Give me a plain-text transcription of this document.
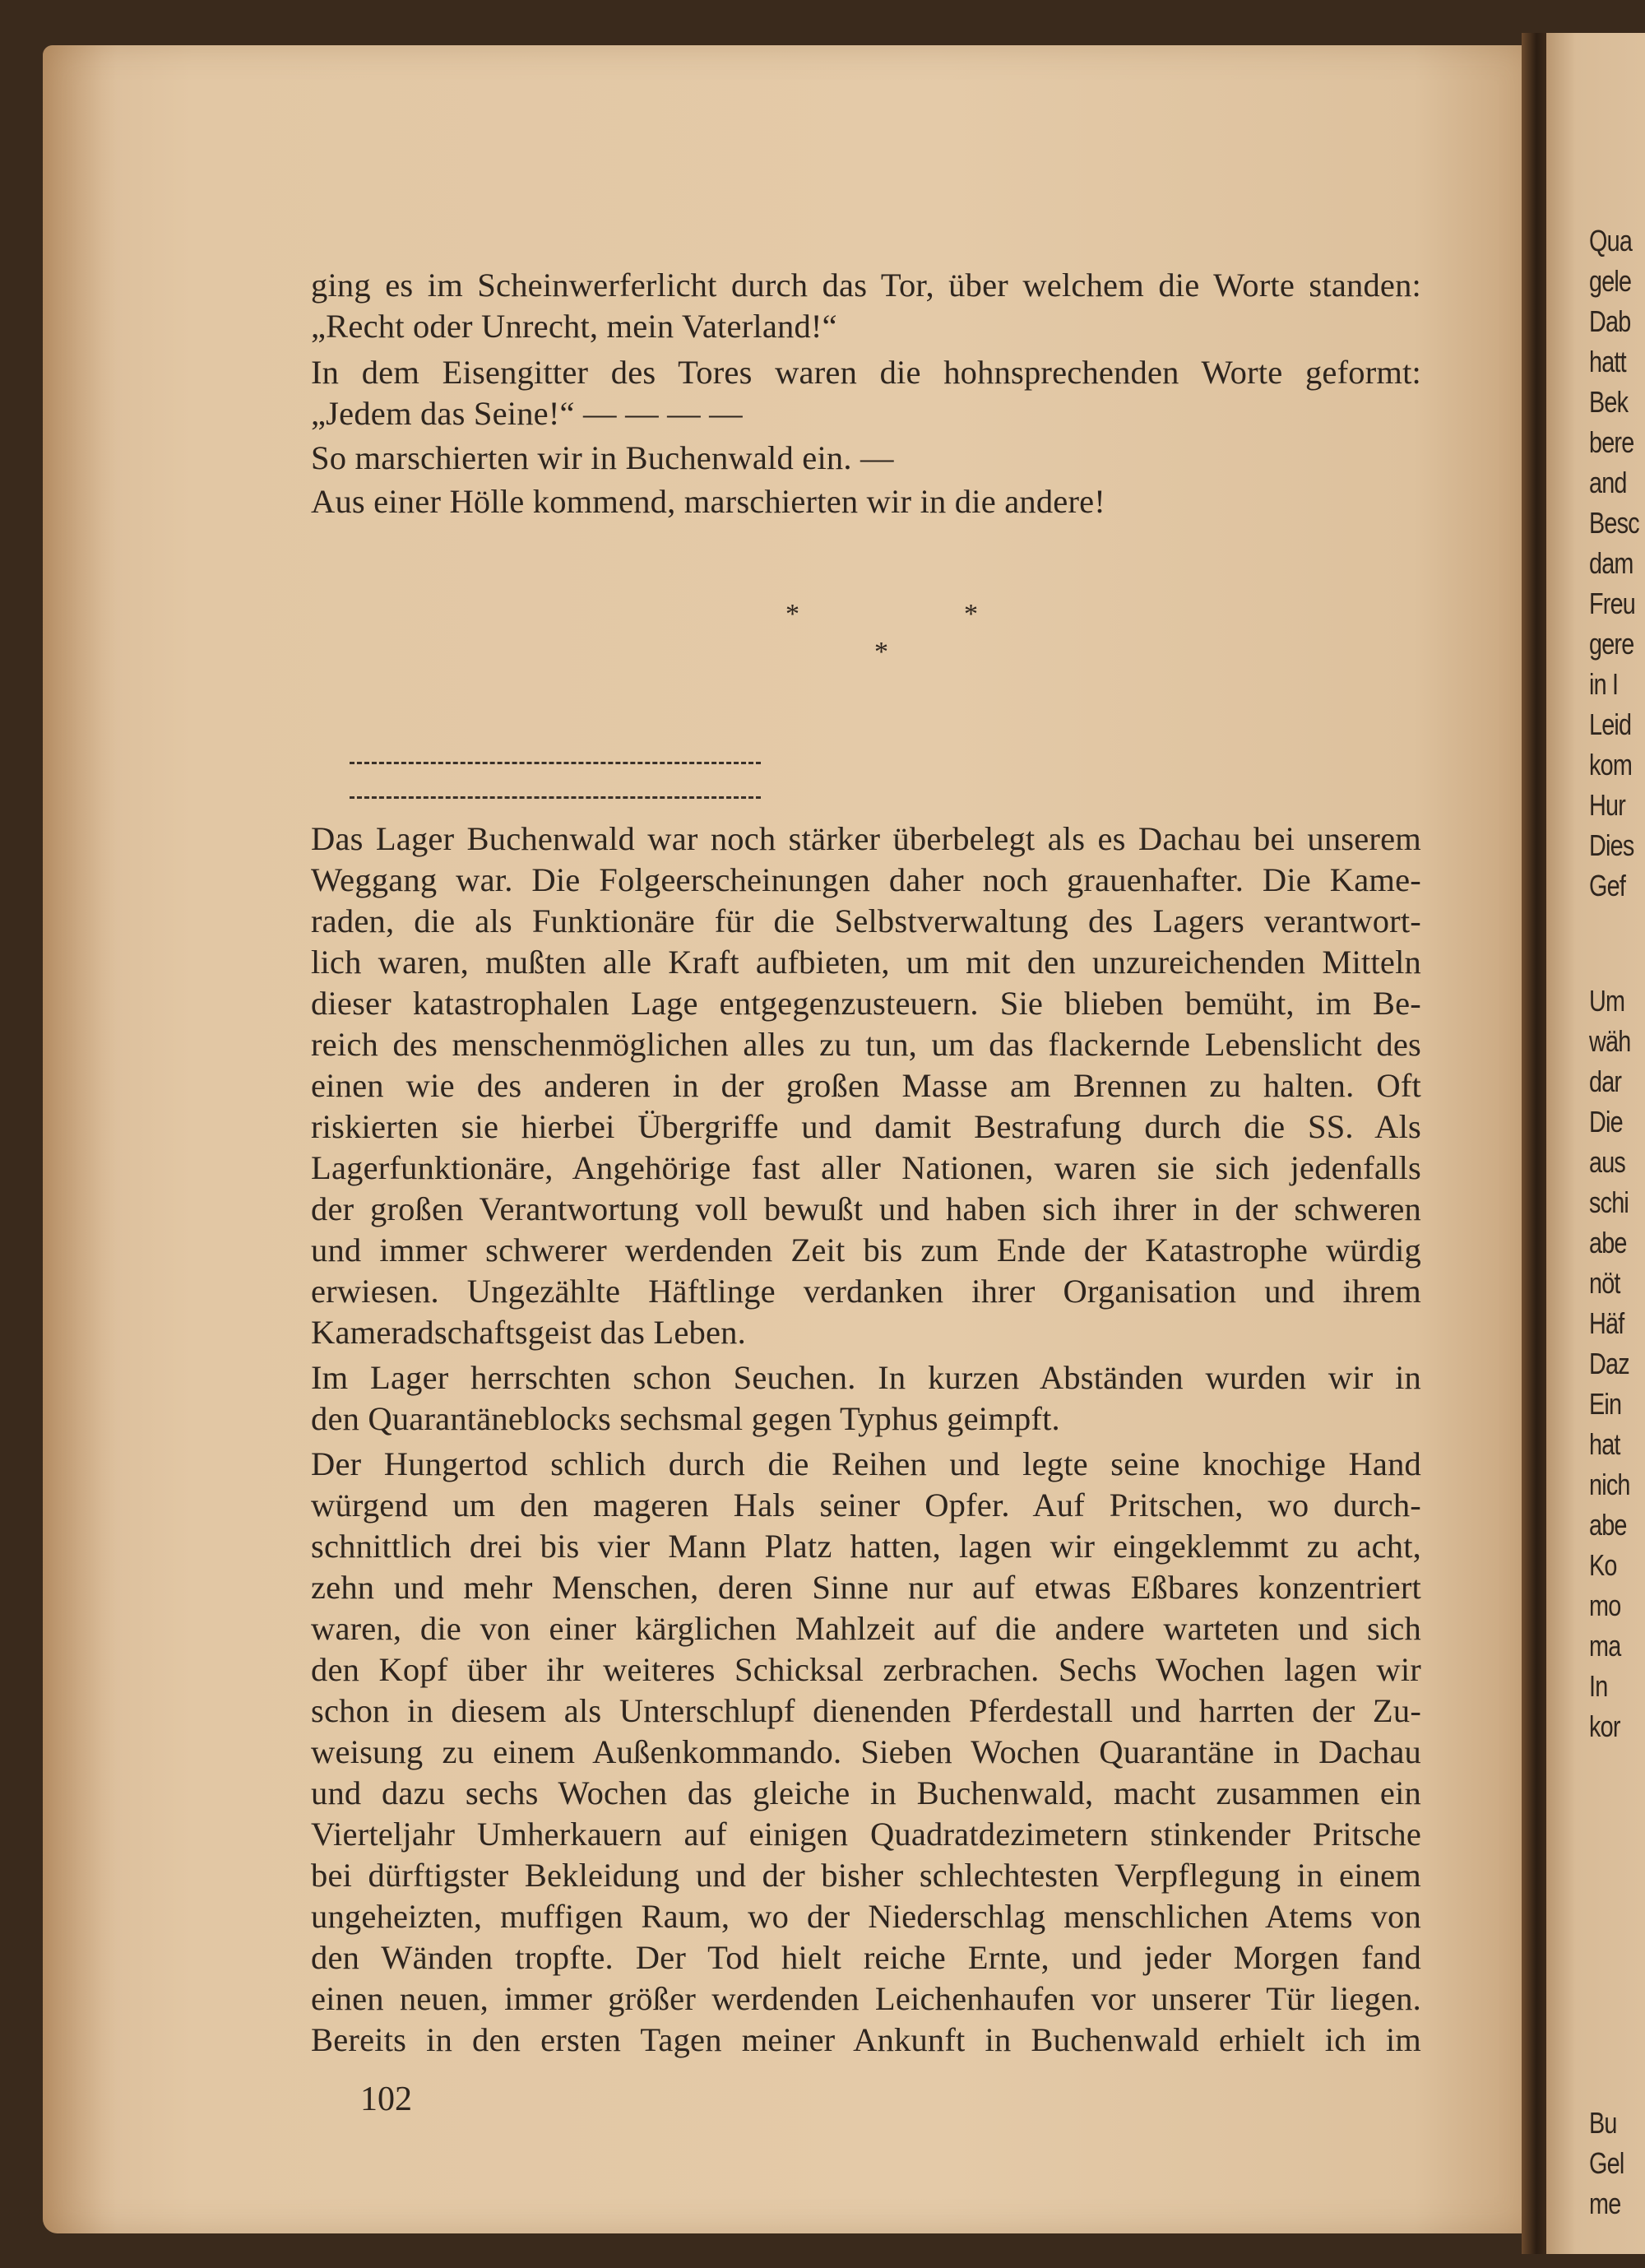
Qua
gele
Dab
hatt
Bek
bere
and
Besc
dam
Freu
gere
in I
Leid
kom
Hur
Dies
Gef
Um
wäh
dar
Die
aus
schi
abe
nöt
Häf
Daz
Ein
hat
nich
abe
Ko
mo
ma
In
kor
Bu
Gel
me

ging es im Scheinwerferlicht durch das Tor, über welchem die Worte standen:

„Recht oder Unrecht, mein Vaterland!“

In dem Eisengitter des Tores waren die hohnsprechenden Worte geformt:

„Jedem das Seine!“ — — — —

So marschierten wir in Buchenwald ein. —

Aus einer Hölle kommend, marschierten wir in die andere!

*	*
*

Das Lager Buchenwald war noch stärker überbelegt als es Dachau bei unserem

Weggang war. Die Folgeerscheinungen daher noch grauenhafter. Die Kame-

raden, die als Funktionäre für die Selbstverwaltung des Lagers verantwort-

lich waren, mußten alle Kraft aufbieten, um mit den unzureichenden Mitteln

dieser katastrophalen Lage entgegenzusteuern. Sie blieben bemüht, im Be-

reich des menschenmöglichen alles zu tun, um das flackernde Lebenslicht des

einen wie des anderen in der großen Masse am Brennen zu halten. Oft

riskierten sie hierbei Übergriffe und damit Bestrafung durch die SS. Als

Lagerfunktionäre, Angehörige fast aller Nationen, waren sie sich jedenfalls

der großen Verantwortung voll bewußt und haben sich ihrer in der schweren

und immer schwerer werdenden Zeit bis zum Ende der Katastrophe würdig

erwiesen. Ungezählte Häftlinge verdanken ihrer Organisation und ihrem

Kameradschaftsgeist das Leben.

Im Lager herrschten schon Seuchen. In kurzen Abständen wurden wir in

den Quarantäneblocks sechsmal gegen Typhus geimpft.

Der Hungertod schlich durch die Reihen und legte seine knochige Hand

würgend um den mageren Hals seiner Opfer. Auf Pritschen, wo durch-

schnittlich drei bis vier Mann Platz hatten, lagen wir eingeklemmt zu acht,

zehn und mehr Menschen, deren Sinne nur auf etwas Eßbares konzentriert

waren, die von einer kärglichen Mahlzeit auf die andere warteten und sich

den Kopf über ihr weiteres Schicksal zerbrachen. Sechs Wochen lagen wir

schon in diesem als Unterschlupf dienenden Pferdestall und harrten der Zu-

weisung zu einem Außenkommando. Sieben Wochen Quarantäne in Dachau

und dazu sechs Wochen das gleiche in Buchenwald, macht zusammen ein

Vierteljahr Umherkauern auf einigen Quadratdezimetern stinkender Pritsche

bei dürftigster Bekleidung und der bisher schlechtesten Verpflegung in einem

ungeheizten, muffigen Raum, wo der Niederschlag menschlichen Atems von

den Wänden tropfte. Der Tod hielt reiche Ernte, und jeder Morgen fand

einen neuen, immer größer werdenden Leichenhaufen vor unserer Tür liegen.

Bereits in den ersten Tagen meiner Ankunft in Buchenwald erhielt ich im

102
